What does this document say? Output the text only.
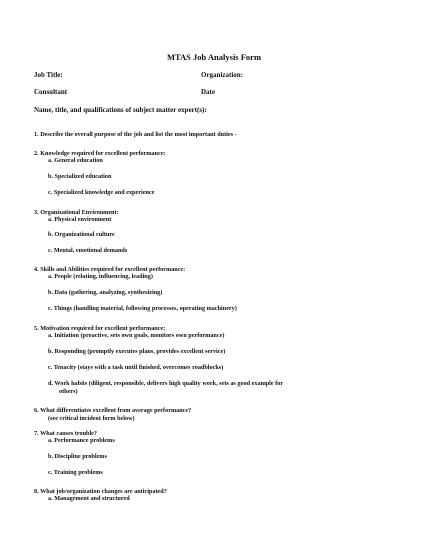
MTAS Job Analysis Form
Job Title:	Organization:
Consultant	Date
Name, title, and qualifications of subject matter expert(s):
1. Describe the overall purpose of the job and list the most important duties -
2. Knowledge required for excellent performance:
a. General education
b. Specialized education
c. Specialized knowledge and experience
3. Organizational Environment:
a. Physical environment
b. Organizational culture
c. Mental, emotional demands
4. Skills and Abilities required for excellent performance:
a. People (relating, influencing, leading)
b. Data (gathering, analyzing, synthesizing)
c. Things (handling material, following processes, operating machinery)
5. Motivation required for excellent performance:
a. Initiation (proactive, sets own goals, monitors own performance)
b. Responding (promptly executes plans, provides excellent service)
c. Tenacity (stays with a task until finished, overcomes roadblocks)
d. Work habits (diligent, responsible, delivers high quality work, sets as good example for
others)
6. What differentiates excellent from average performance?
(see critical incident form below)
7. What causes trouble?
a. Performance problems
b. Discipline problems
c. Training problems
8. What job/organization changes are anticipated?
a. Management and structured
